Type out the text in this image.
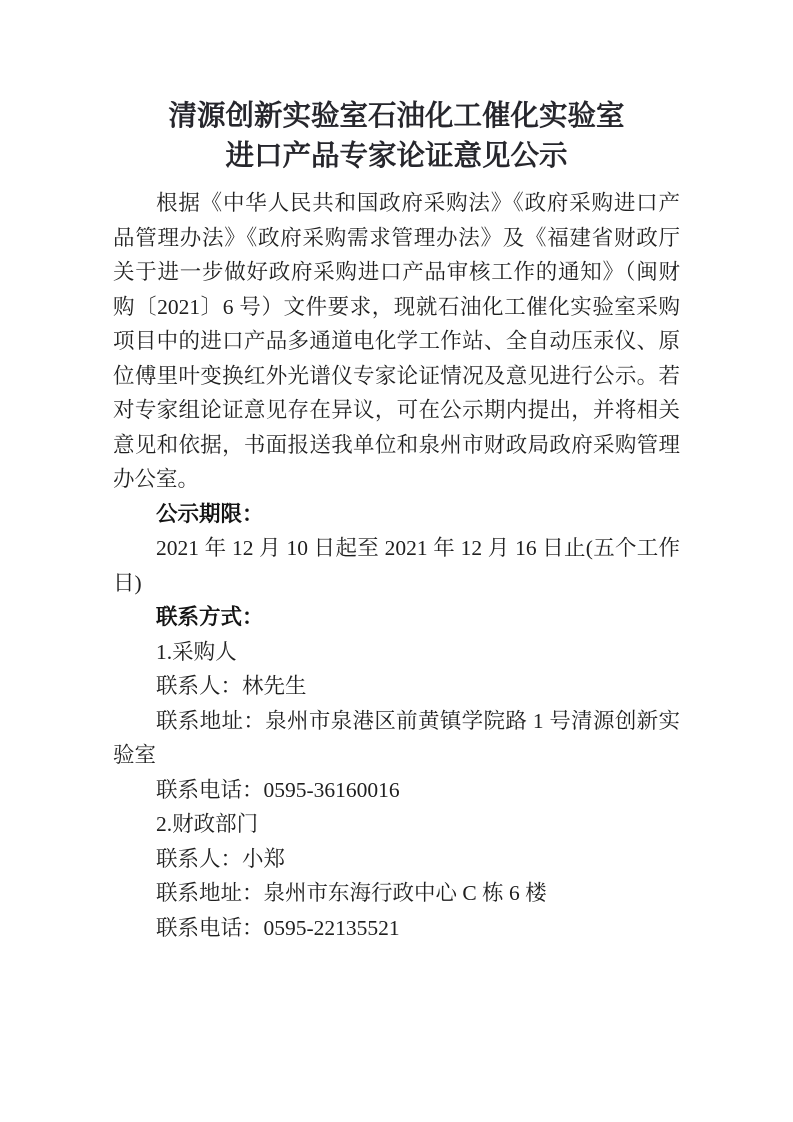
清源创新实验室石油化工催化实验室
进口产品专家论证意见公示

根据《中华人民共和国政府采购法》《政府采购进口产品管理办法》《政府采购需求管理办法》及《福建省财政厅关于进一步做好政府采购进口产品审核工作的通知》（闽财购〔2021〕6 号）文件要求，现就石油化工催化实验室采购项目中的进口产品多通道电化学工作站、全自动压汞仪、原位傅里叶变换红外光谱仪专家论证情况及意见进行公示。若对专家组论证意见存在异议，可在公示期内提出，并将相关意见和依据，书面报送我单位和泉州市财政局政府采购管理办公室。

公示期限：

2021 年 12 月 10 日起至 2021 年 12 月 16 日止(五个工作日)

联系方式：

1.采购人

联系人：林先生

联系地址：泉州市泉港区前黄镇学院路 1 号清源创新实验室

联系电话：0595-36160016

2.财政部门

联系人：小郑

联系地址：泉州市东海行政中心 C 栋 6 楼

联系电话：0595-22135521
